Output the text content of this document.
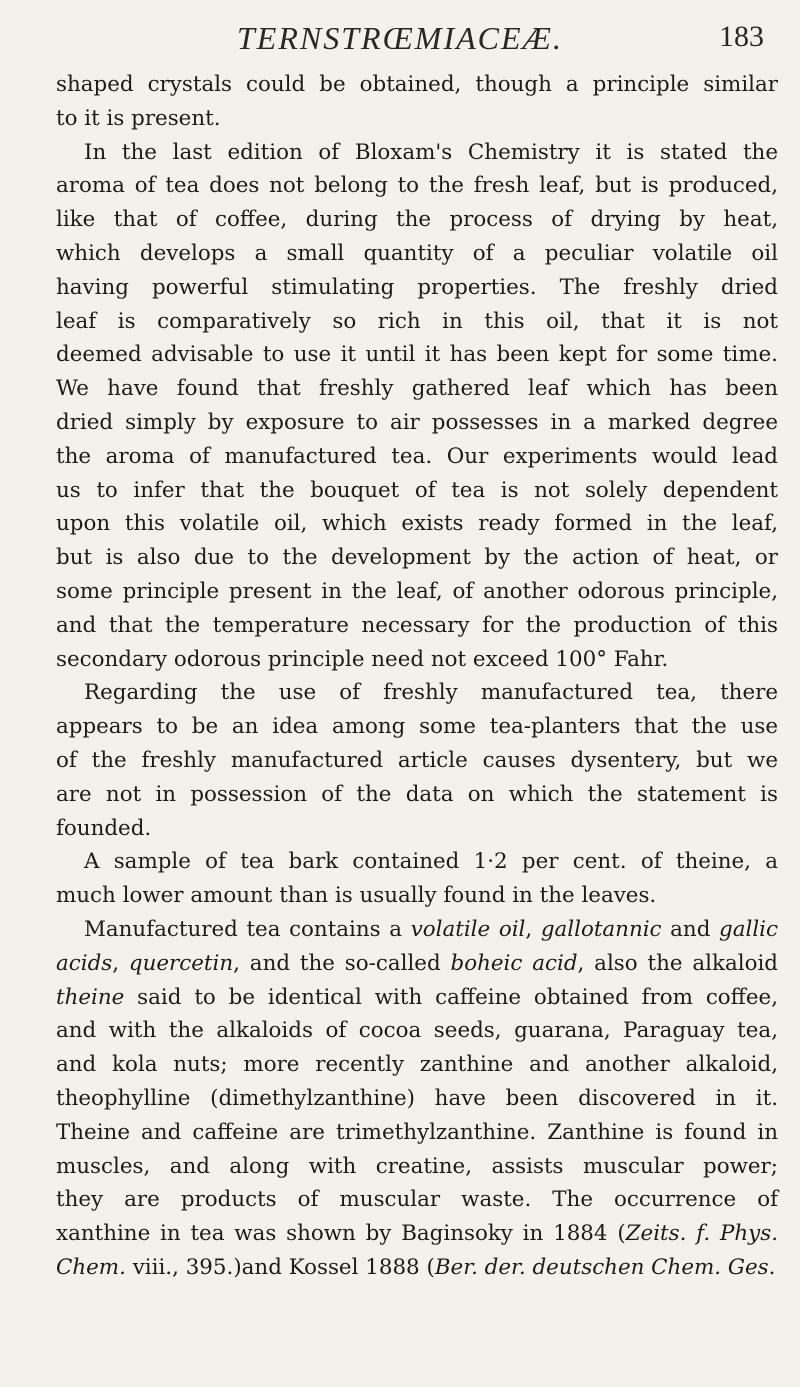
TERNSTRŒMIACEÆ.	183

shaped crystals could be obtained, though a principle similar
to it is present.

In the last edition of Bloxam's Chemistry it is stated the
aroma of tea does not belong to the fresh leaf, but is produced,
like that of coffee, during the process of drying by heat,
which develops a small quantity of a peculiar volatile oil
having powerful stimulating properties. The freshly dried
leaf is comparatively so rich in this oil, that it is not
deemed advisable to use it until it has been kept for some time.
We have found that freshly gathered leaf which has been
dried simply by exposure to air possesses in a marked degree
the aroma of manufactured tea. Our experiments would lead
us to infer that the bouquet of tea is not solely dependent
upon this volatile oil, which exists ready formed in the leaf,
but is also due to the development by the action of heat, or
some principle present in the leaf, of another odorous principle,
and that the temperature necessary for the production of this
secondary odorous principle need not exceed 100° Fahr.

Regarding the use of freshly manufactured tea, there
appears to be an idea among some tea-planters that the use
of the freshly manufactured article causes dysentery, but we
are not in possession of the data on which the statement is
founded.

A sample of tea bark contained 1·2 per cent. of theine, a
much lower amount than is usually found in the leaves.

Manufactured tea contains a volatile oil, gallotannic and gallic
acids, quercetin, and the so-called boheic acid, also the alkaloid
theine said to be identical with caffeine obtained from coffee,
and with the alkaloids of cocoa seeds, guarana, Paraguay tea,
and kola nuts; more recently zanthine and another alkaloid,
theophylline (dimethylzanthine) have been discovered in it.
Theine and caffeine are trimethylzanthine. Zanthine is found in
muscles, and along with creatine, assists muscular power;
they are products of muscular waste. The occurrence of
xanthine in tea was shown by Baginsoky in 1884 (Zeits. f. Phys.
Chem. viii., 395.)and Kossel 1888 (Ber. der. deutschen Chem. Ges.
